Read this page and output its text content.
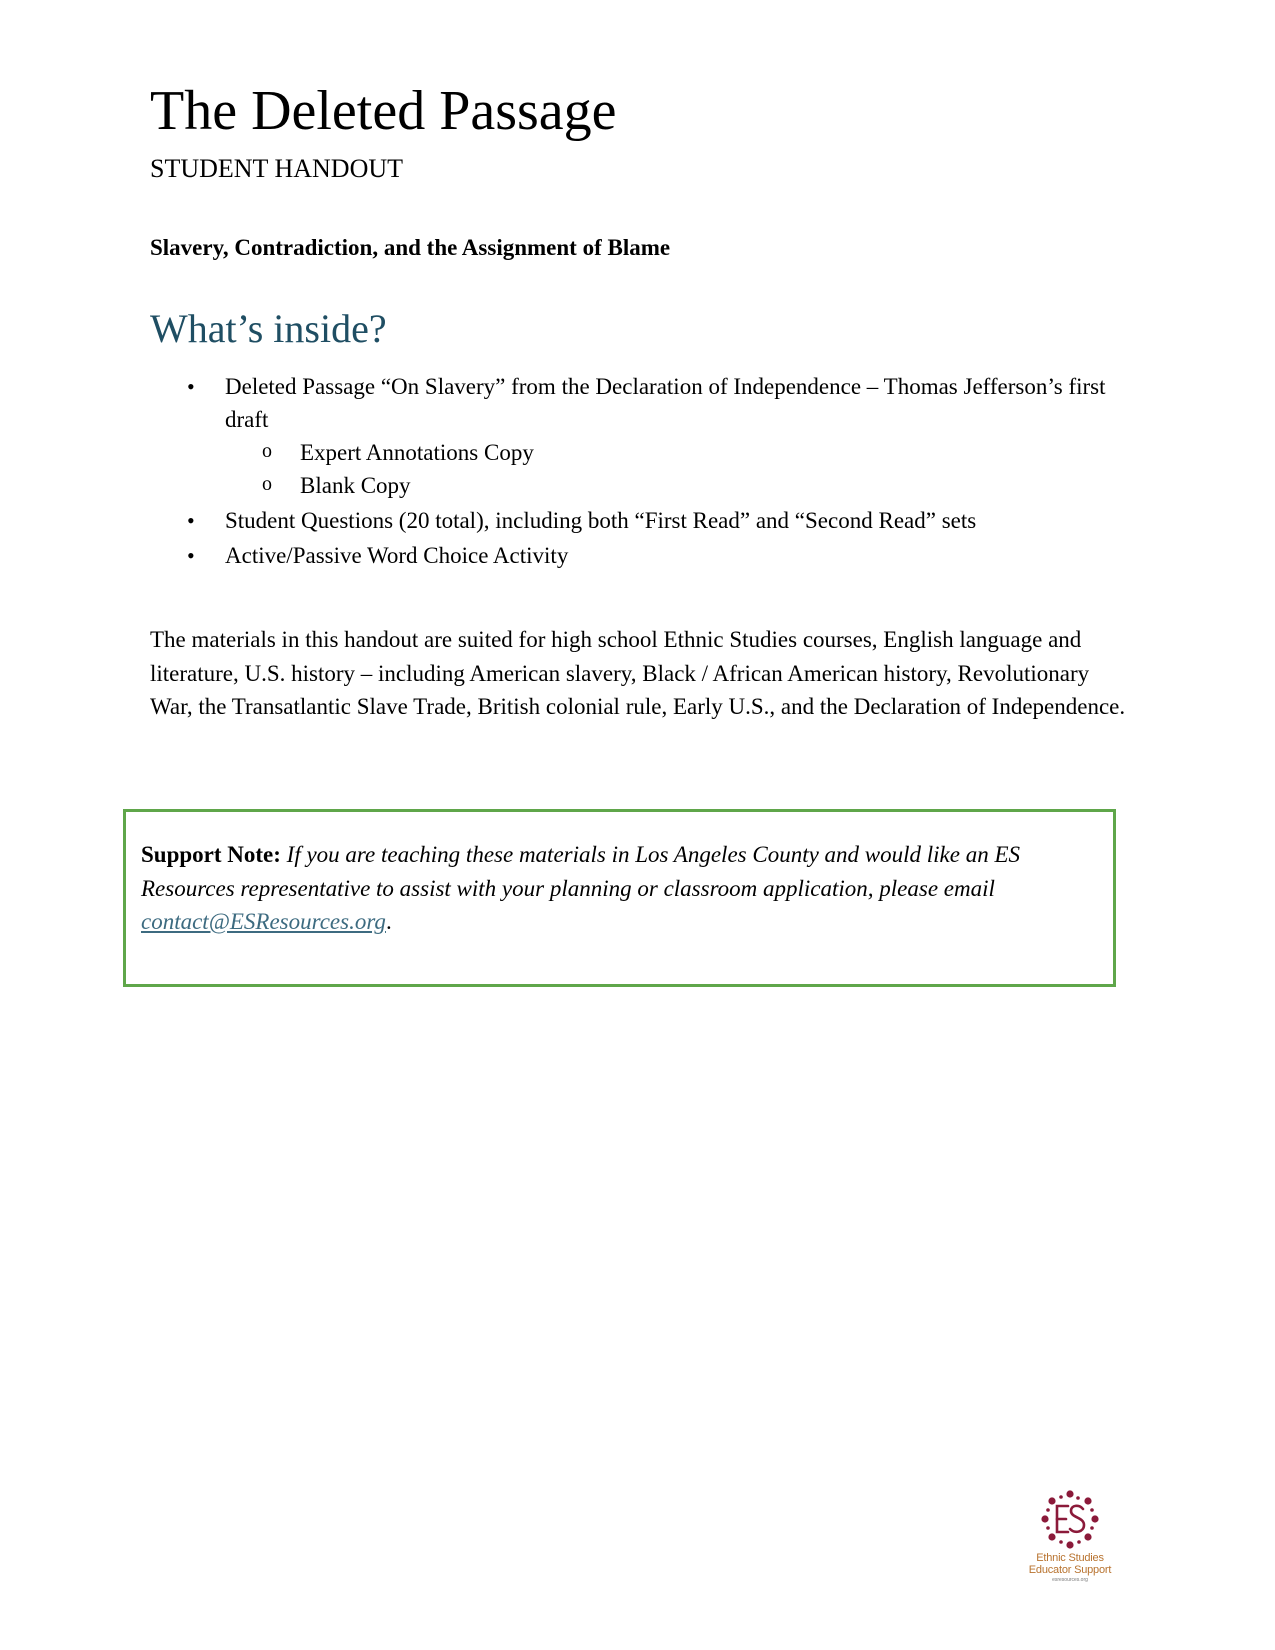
The Deleted Passage
STUDENT HANDOUT
Slavery, Contradiction, and the Assignment of Blame
What’s inside?
• Deleted Passage “On Slavery” from the Declaration of Independence – Thomas Jefferson’s first draft
o Expert Annotations Copy
o Blank Copy
• Student Questions (20 total), including both “First Read” and “Second Read” sets
• Active/Passive Word Choice Activity

The materials in this handout are suited for high school Ethnic Studies courses, English language and literature, U.S. history – including American slavery, Black / African American history, Revolutionary War, the Transatlantic Slave Trade, British colonial rule, Early U.S., and the Declaration of Independence.

Support Note: If you are teaching these materials in Los Angeles County and would like an ES Resources representative to assist with your planning or classroom application, please email contact@ESResources.org.
Ethnic Studies
Educator Support
esresources.org
